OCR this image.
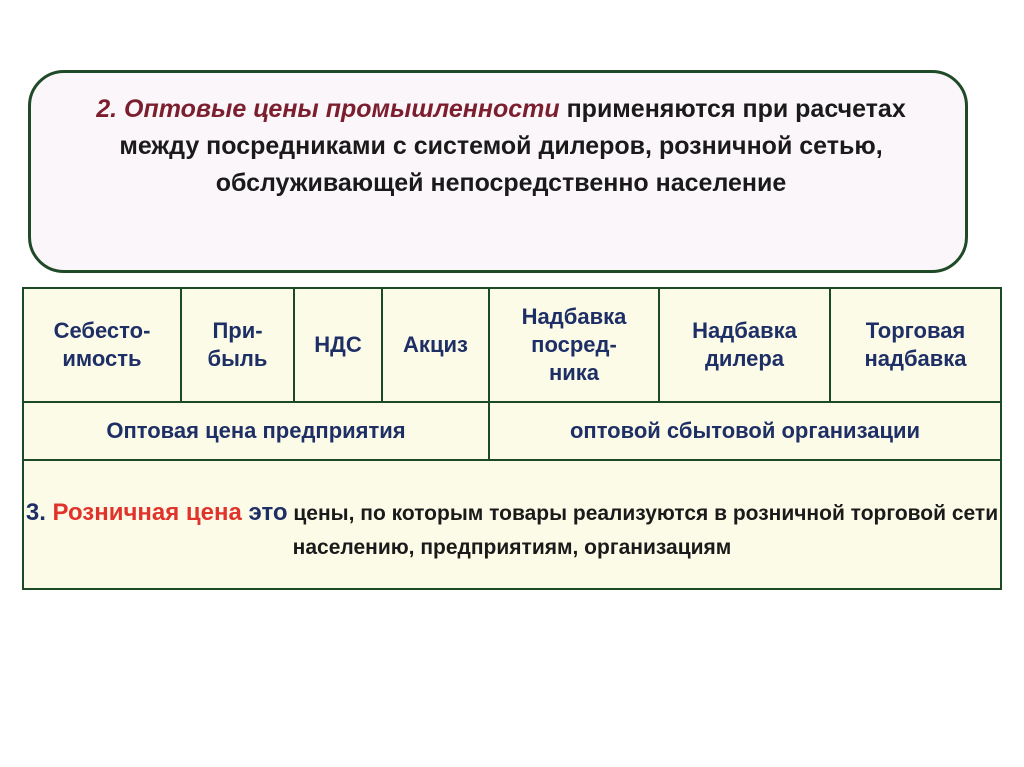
2. Оптовые цены промышленности применяются при расчетах между посредниками с системой дилеров, розничной сетью, обслуживающей непосредственно население
Себесто-имость	При-быль	НДС	Акциз	Надбавка посред-ника	Надбавка дилера	Торговая надбавка

Оптовая цена предприятия				оптовой сбытовой организации		

3. Розничная цена это цены, по которым товары реализуются в розничной торговой сети населению, предприятиям, организациям						
